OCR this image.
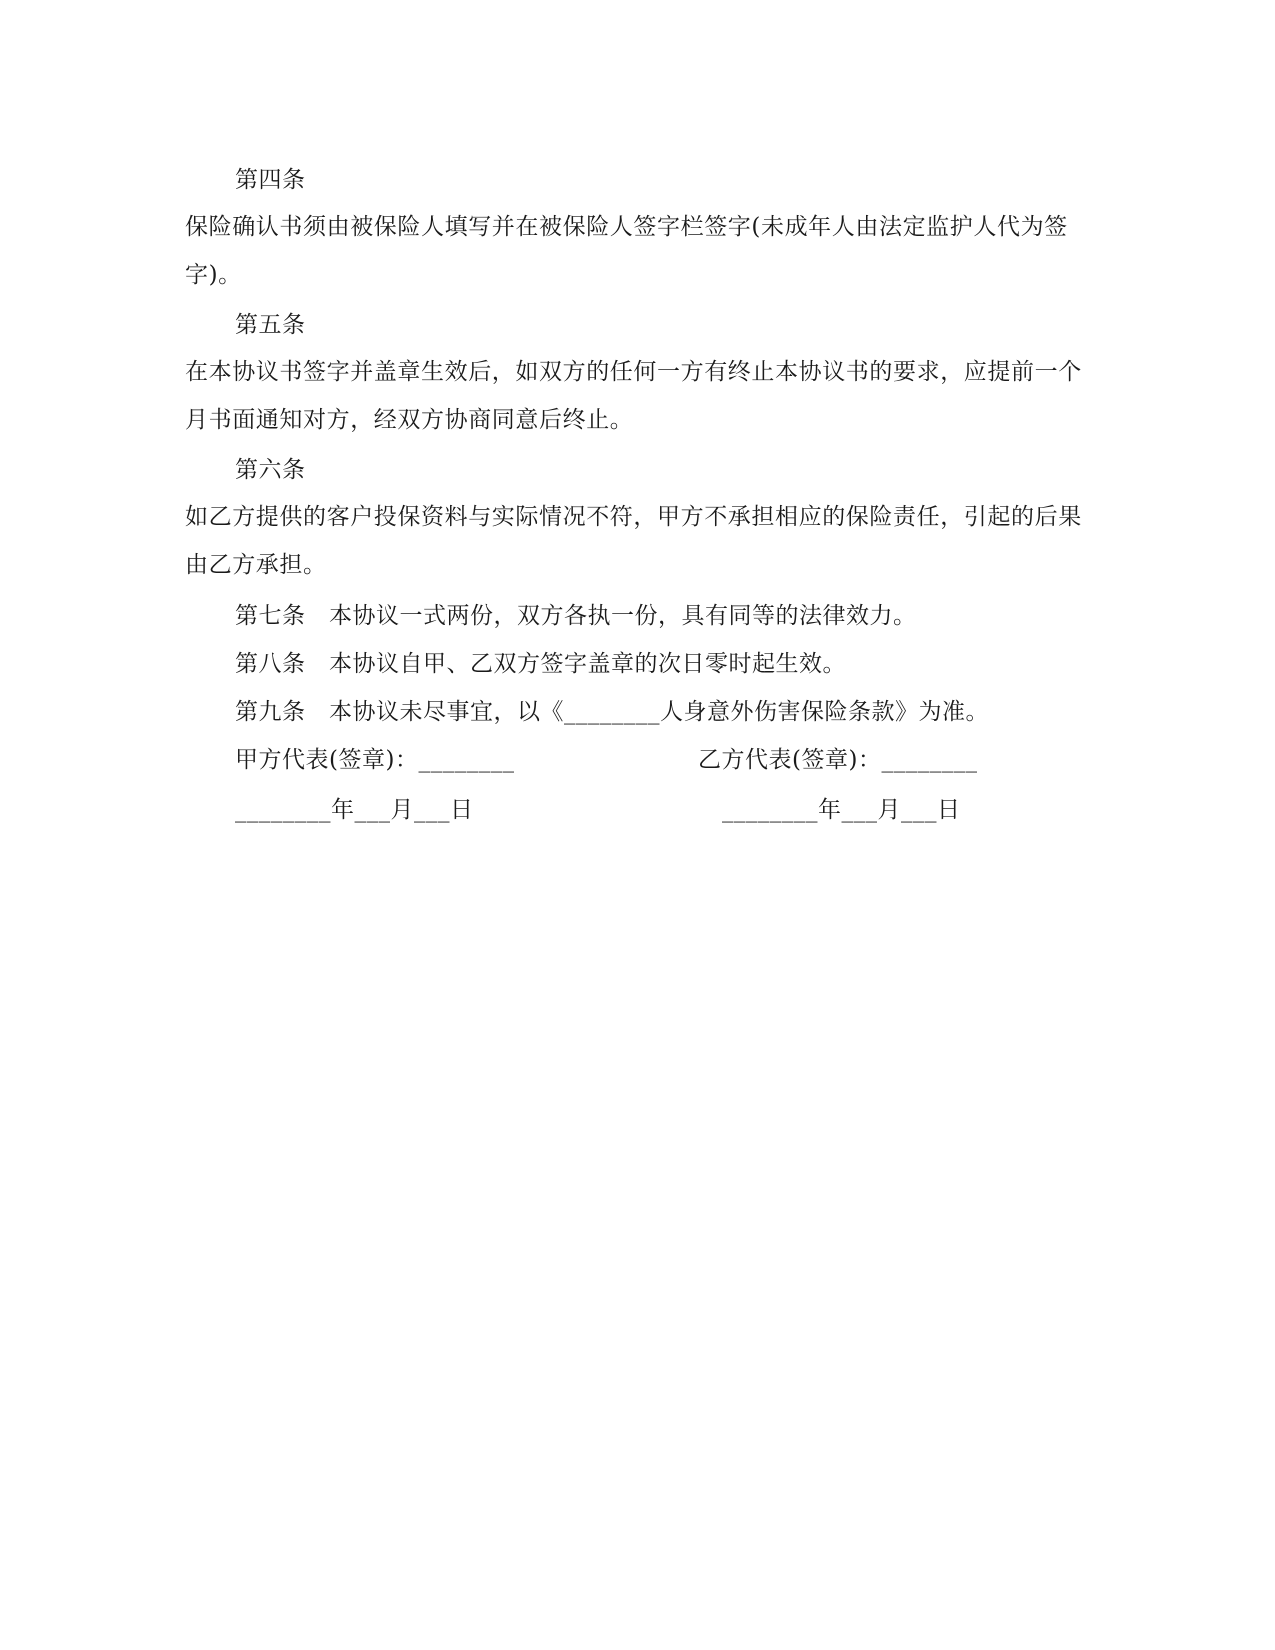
第四条
保险确认书须由被保险人填写并在被保险人签字栏签字(未成年人由法定监护人代为签字)。
第五条
在本协议书签字并盖章生效后，如双方的任何一方有终止本协议书的要求，应提前一个月书面通知对方，经双方协商同意后终止。
第六条
如乙方提供的客户投保资料与实际情况不符，甲方不承担相应的保险责任，引起的后果由乙方承担。
第七条　本协议一式两份，双方各执一份，具有同等的法律效力。
第八条　本协议自甲、乙双方签字盖章的次日零时起生效。
第九条　本协议未尽事宜，以《________人身意外伤害保险条款》为准。
甲方代表(签章)：________	乙方代表(签章)：________
________年___月___日	________年___月___日
